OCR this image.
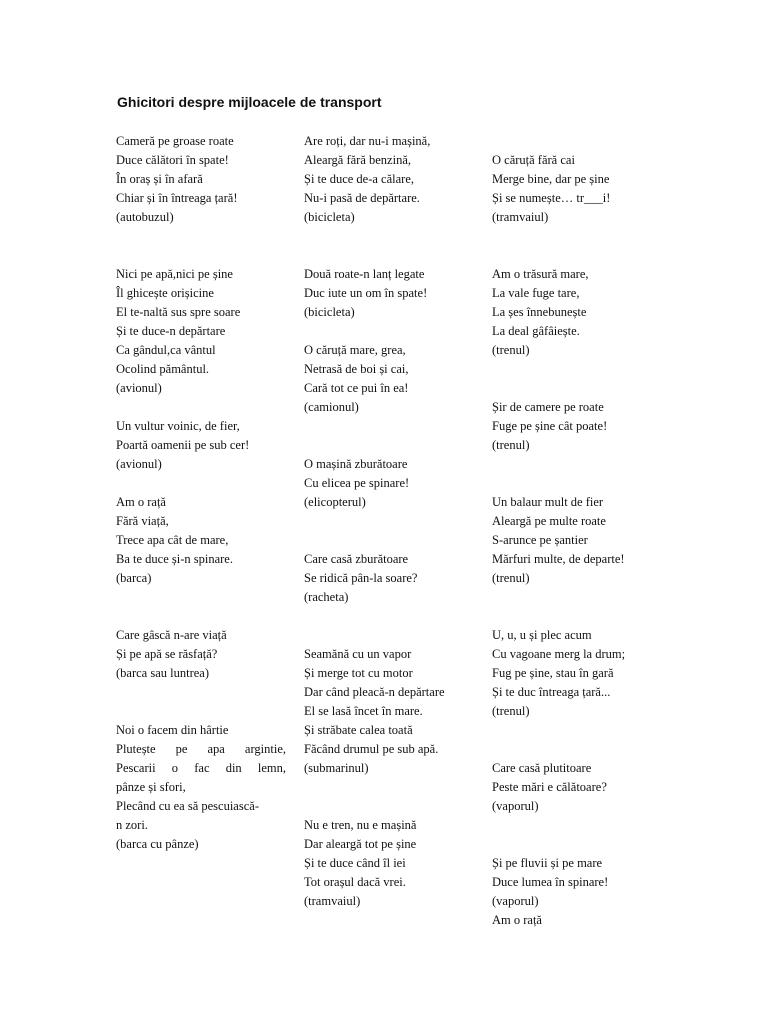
Ghicitori despre mijloacele de transport
Cameră pe groase roate
Duce călători în spate!
În oraș și în afară
Chiar și în întreaga țară!
(autobuzul)
Nici pe apă,nici pe șine
Îl ghicește orișicine
El te-naltă sus spre soare
Și te duce-n depărtare
Ca gândul,ca vântul
Ocolind pământul.
(avionul)
Un vultur voinic, de fier,
Poartă oamenii pe sub cer!
(avionul)
Am o rață
Fără viață,
Trece apa cât de mare,
Ba te duce și-n spinare.
(barca)
Care gâscă n-are viață
Și pe apă se răsfață?
(barca sau luntrea)
Noi o facem din hârtie
Plutește pe apa argintie,
Pescarii o fac din lemn,
pânze și sfori,
Plecând cu ea să pescuiască-
n zori.
(barca cu pânze)
Are roți, dar nu-i mașină,
Aleargă fără benzină,
Și te duce de-a călare,
Nu-i pasă de depărtare.
(bicicleta)
Două roate-n lanț legate
Duc iute un om în spate!
(bicicleta)
O căruță mare, grea,
Netrasă de boi și cai,
Cară tot ce pui în ea!
(camionul)
O mașină zburătoare
Cu elicea pe spinare!
(elicopterul)
Care casă zburătoare
Se ridică pân-la soare?
(racheta)
Seamănă cu un vapor
Și merge tot cu motor
Dar când pleacă-n depărtare
El se lasă încet în mare.
Și străbate calea toată
Făcând drumul pe sub apă.
(submarinul)
Nu e tren, nu e mașină
Dar aleargă tot pe șine
Și te duce când îl iei
Tot orașul dacă vrei.
(tramvaiul)
O căruță fără cai
Merge bine, dar pe șine
Și se numește… tr___i!
(tramvaiul)
Am o trăsură mare,
La vale fuge tare,
La șes înnebunește
La deal gâfâiește.
(trenul)
Șir de camere pe roate
Fuge pe șine cât poate!
(trenul)
Un balaur mult de fier
Aleargă pe multe roate
S-arunce pe șantier
Mărfuri multe, de departe!
(trenul)
U, u, u și plec acum
Cu vagoane merg la drum;
Fug pe șine, stau în gară
Și te duc întreaga țară...
(trenul)
Care casă plutitoare
Peste mări e călătoare?
(vaporul)
Și pe fluvii și pe mare
Duce lumea în spinare!
(vaporul)
Am o rață
